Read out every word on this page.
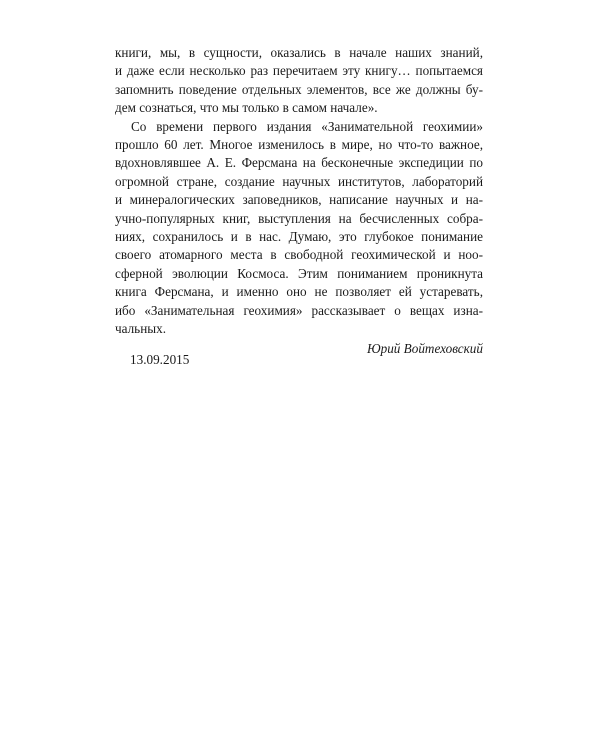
книги, мы, в сущности, оказались в начале наших знаний,
и даже если несколько раз перечитаем эту книгу… попытаемся
запомнить поведение отдельных элементов, все же должны бу-
дем сознаться, что мы только в самом начале».
Со времени первого издания «Занимательной геохимии»
прошло 60 лет. Многое изменилось в мире, но что-то важное,
вдохновлявшее А. Е. Ферсмана на бесконечные экспедиции по
огромной стране, создание научных институтов, лабораторий
и минералогических заповедников, написание научных и на-
учно-популярных книг, выступления на бесчисленных собра-
ниях, сохранилось и в нас. Думаю, это глубокое понимание
своего атомарного места в свободной геохимической и ноо-
сферной эволюции Космоса. Этим пониманием проникнута
книга Ферсмана, и именно оно не позволяет ей устаревать,
ибо «Занимательная геохимия» рассказывает о вещах изна-
чальных.
Юрий Войтеховский
13.09.2015
